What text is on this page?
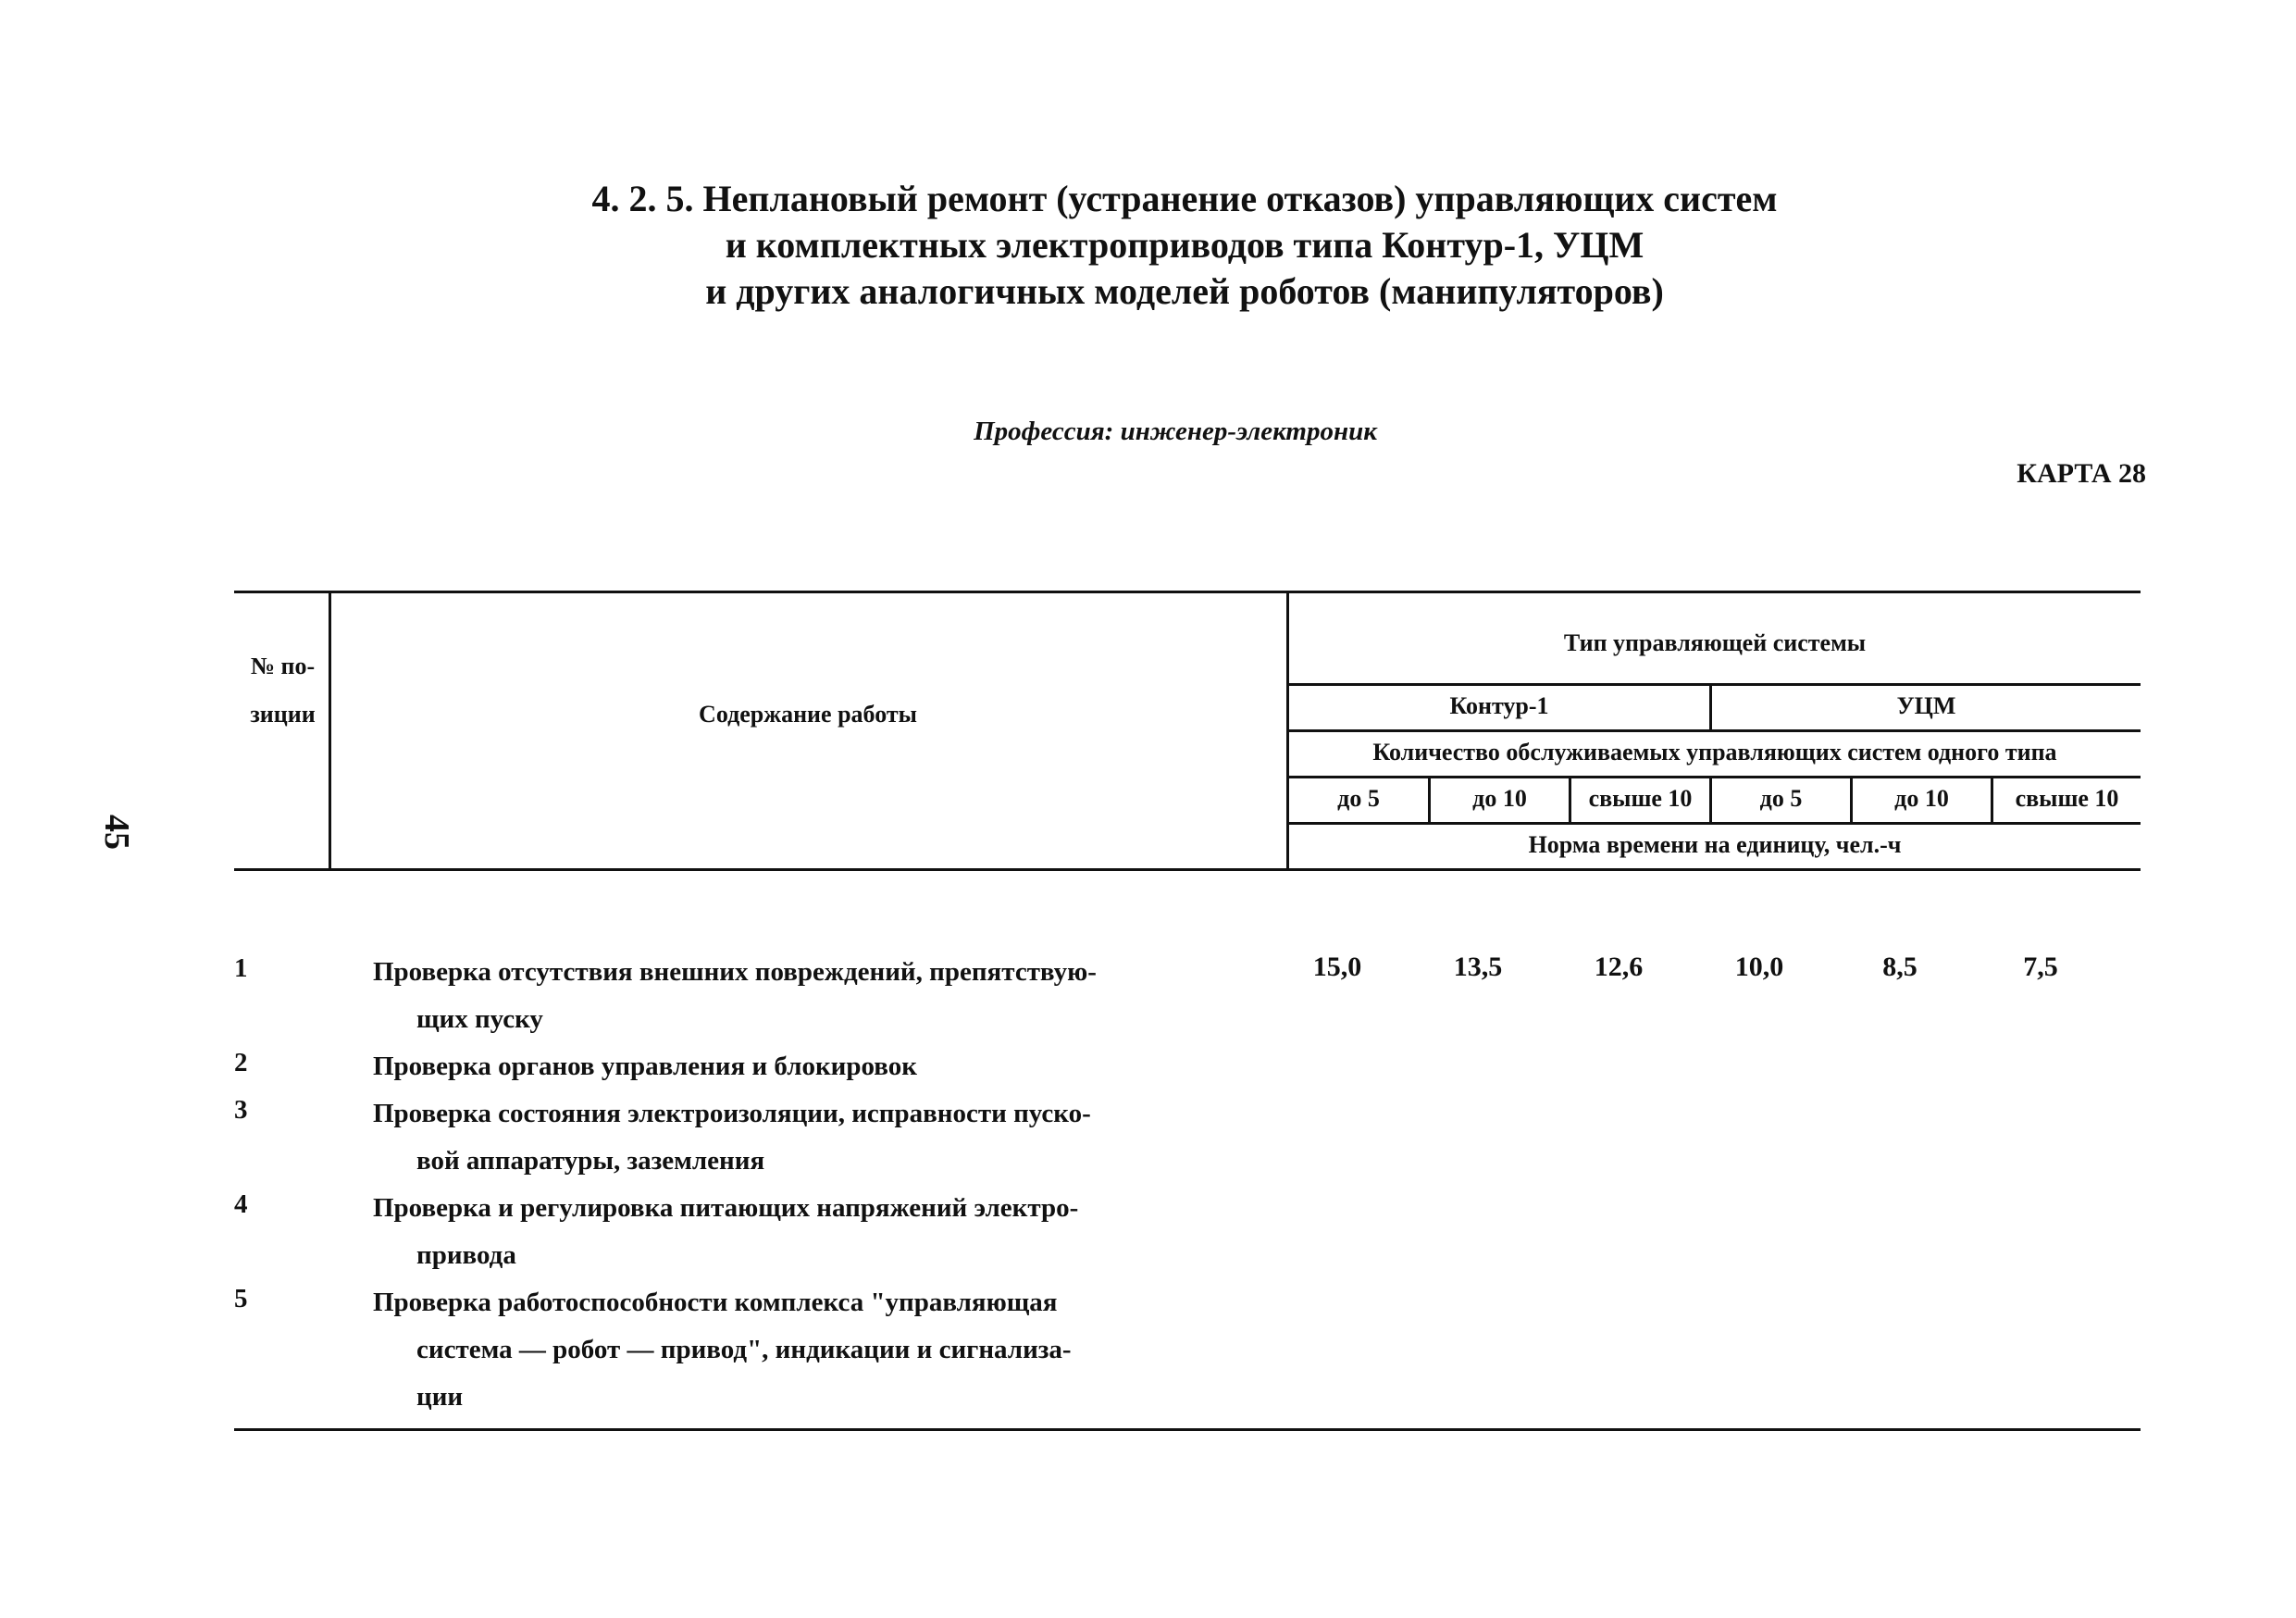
45
4. 2. 5. Неплановый ремонт (устранение отказов) управляющих систем
и комплектных электроприводов типа Контур-1, УЦМ
и других аналогичных моделей роботов (манипуляторов)
Профессия: инженер-электроник
КАРТА 28
№ по-
зиции	Содержание работы
Тип управляющей системы
Контур-1	УЦМ
Количество обслуживаемых управляющих систем одного типа
до 5	до 10	свыше 10	до 5	до 10	свыше 10
Норма времени на единицу, чел.-ч
1	Проверка отсутствия внешних повреждений, препятствую-
щих пуску
15,0	13,5	12,6	10,0	8,5	7,5
2	Проверка органов управления и блокировок
3	Проверка состояния электроизоляции, исправности пуско-
вой аппаратуры, заземления
4	Проверка и регулировка питающих напряжений электро-
привода
5	Проверка работоспособности комплекса "управляющая
система — робот — привод", индикации и сигнализа-
ции
